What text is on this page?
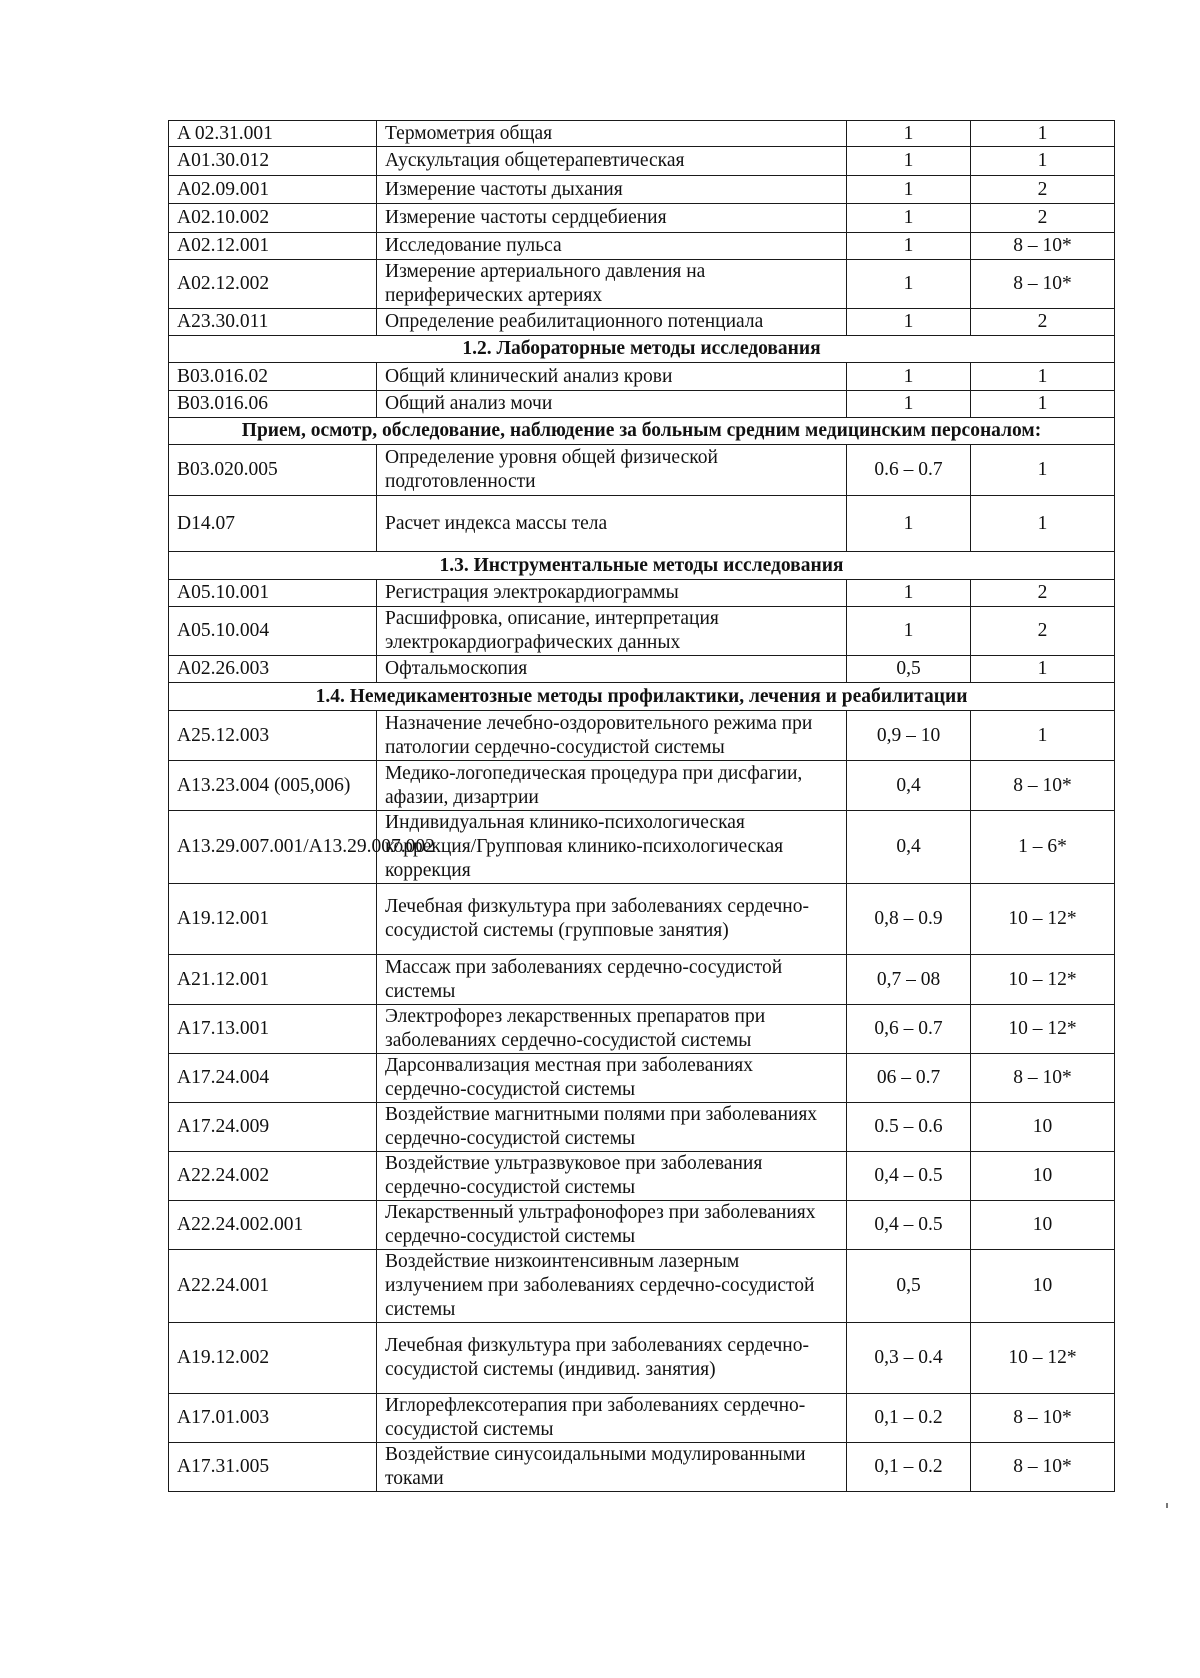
A 02.31.001	Термометрия общая	1	1
A01.30.012	Аускультация общетерапевтическая	1	1
A02.09.001	Измерение частоты дыхания	1	2
A02.10.002	Измерение частоты сердцебиения	1	2
A02.12.001	Исследование пульса	1	8 – 10*
A02.12.002	Измерение артериального давления на периферических артериях	1	8 – 10*
A23.30.011	Определение реабилитационного потенциала	1	2
1.2. Лабораторные методы исследования			
B03.016.02	Общий клинический анализ крови	1	1
B03.016.06	Общий анализ мочи	1	1
Прием, осмотр, обследование, наблюдение за больным средним медицинским персоналом:			
B03.020.005	Определение уровня общей физической подготовленности	0.6 – 0.7	1
D14.07	Расчет индекса массы тела	1	1
1.3. Инструментальные методы исследования			
A05.10.001	Регистрация электрокардиограммы	1	2
A05.10.004	Расшифровка, описание, интерпретация электрокардиографических данных	1	2
A02.26.003	Офтальмоскопия	0,5	1
1.4. Немедикаментозные методы профилактики, лечения и реабилитации			
A25.12.003	Назначение лечебно-оздоровительного режима при патологии сердечно-сосудистой системы	0,9 – 10	1
A13.23.004 (005,006)	Медико-логопедическая процедура при дисфагии, афазии, дизартрии	0,4	8 – 10*
A13.29.007.001/A13.29.007.002	Индивидуальная клинико-психологическая коррекция/Групповая клинико-психологическая коррекция	0,4	1 – 6*
A19.12.001	Лечебная физкультура при заболеваниях сердечно-сосудистой системы (групповые занятия)	0,8 – 0.9	10 – 12*
A21.12.001	Массаж при заболеваниях сердечно-сосудистой системы	0,7 – 08	10 – 12*
A17.13.001	Электрофорез лекарственных препаратов при заболеваниях сердечно-сосудистой системы	0,6 – 0.7	10 – 12*
A17.24.004	Дарсонвализация местная при заболеваниях сердечно-сосудистой системы	06 – 0.7	8 – 10*
A17.24.009	Воздействие магнитными полями при заболеваниях сердечно-сосудистой системы	0.5 – 0.6	10
A22.24.002	Воздействие ультразвуковое при заболевания сердечно-сосудистой системы	0,4 – 0.5	10
A22.24.002.001	Лекарственный ультрафонофорез при заболеваниях сердечно-сосудистой системы	0,4 – 0.5	10
A22.24.001	Воздействие низкоинтенсивным лазерным излучением при заболеваниях сердечно-сосудистой системы	0,5	10
A19.12.002	Лечебная физкультура при заболеваниях сердечно-сосудистой системы (индивид. занятия)	0,3 – 0.4	10 – 12*
A17.01.003	Иглорефлексотерапия при заболеваниях сердечно-сосудистой системы	0,1 – 0.2	8 – 10*
A17.31.005	Воздействие синусоидальными модулированными токами	0,1 – 0.2	8 – 10*
